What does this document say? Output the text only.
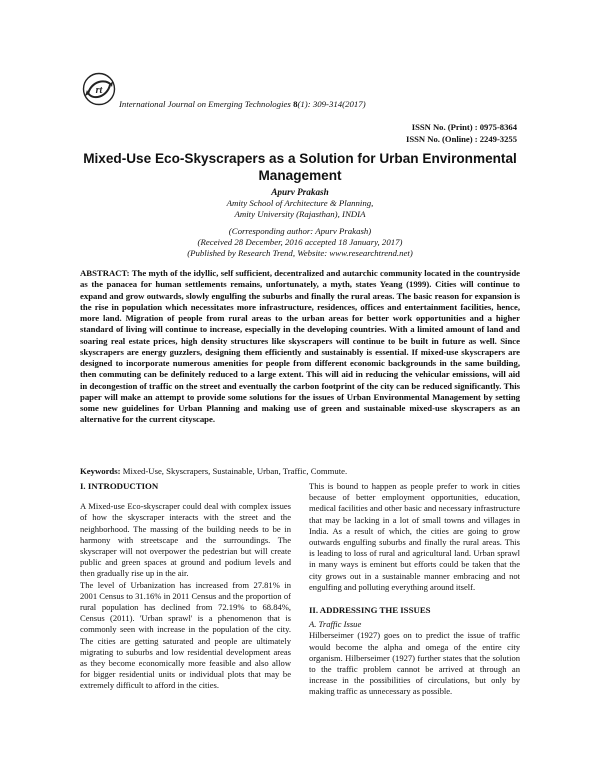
rt
International Journal on Emerging Technologies 8(1): 309-314(2017)
ISSN No. (Print) : 0975-8364
ISSN No. (Online) : 2249-3255
Mixed-Use Eco-Skyscrapers as a Solution for Urban Environmental Management
Apurv Prakash
Amity School of Architecture & Planning,
Amity University (Rajasthan), INDIA
(Corresponding author: Apurv Prakash)
(Received 28 December, 2016 accepted 18 January, 2017)
(Published by Research Trend, Website: www.researchtrend.net)

ABSTRACT: The myth of the idyllic, self sufficient, decentralized and autarchic community located in the countryside as the panacea for human settlements remains, unfortunately, a myth, states Yeang (1999). Cities will continue to expand and grow outwards, slowly engulfing the suburbs and finally the rural areas. The basic reason for expansion is the rise in population which necessitates more infrastructure, residences, offices and entertainment facilities, hence, more land. Migration of people from rural areas to the urban areas for better work opportunities and a higher standard of living will continue to increase, especially in the developing countries. With a limited amount of land and soaring real estate prices, high density structures like skyscrapers will continue to be built in future as well. Since skyscrapers are energy guzzlers, designing them efficiently and sustainably is essential. If mixed-use skyscrapers are designed to incorporate numerous amenities for people from different economic backgrounds in the same building, then commuting can be definitely reduced to a large extent. This will aid in reducing the vehicular emissions, will aid in decongestion of traffic on the street and eventually the carbon footprint of the city can be reduced significantly. This paper will make an attempt to provide some solutions for the issues of Urban Environmental Management by setting some new guidelines for Urban Planning and making use of green and sustainable mixed-use skyscrapers as an alternative for the current cityscape.

Keywords: Mixed-Use, Skyscrapers, Sustainable, Urban, Traffic, Commute.

I. INTRODUCTION

A Mixed-use Eco-skyscraper could deal with complex issues of how the skyscraper interacts with the street and the neighborhood. The massing of the building needs to be in harmony with streetscape and the surroundings. The skyscraper will not overpower the pedestrian but will create public and green spaces at ground and podium levels and then gradually rise up in the air.

The level of Urbanization has increased from 27.81% in 2001 Census to 31.16% in 2011 Census and the proportion of rural population has declined from 72.19% to 68.84%, Census (2011). 'Urban sprawl' is a phenomenon that is commonly seen with increase in the population of the city. The cities are getting saturated and people are ultimately migrating to suburbs and low residential development areas as they become economically more feasible and also allow for bigger residential units or individual plots that may be extremely difficult to afford in the cities.

This is bound to happen as people prefer to work in cities because of better employment opportunities, education, medical facilities and other basic and necessary infrastructure that may be lacking in a lot of small towns and villages in India. As a result of which, the cities are going to grow outwards engulfing suburbs and finally the rural areas. This is leading to loss of rural and agricultural land. Urban sprawl in many ways is eminent but efforts could be taken that the city grows out in a sustainable manner embracing and not engulfing and polluting everything around itself.

II. ADDRESSING THE ISSUES
A. Traffic Issue

Hilberseimer (1927) goes on to predict the issue of traffic would become the alpha and omega of the entire city organism. Hilberseimer (1927) further states that the solution to the traffic problem cannot be arrived at through an increase in the possibilities of circulations, but only by making traffic as unnecessary as possible.
